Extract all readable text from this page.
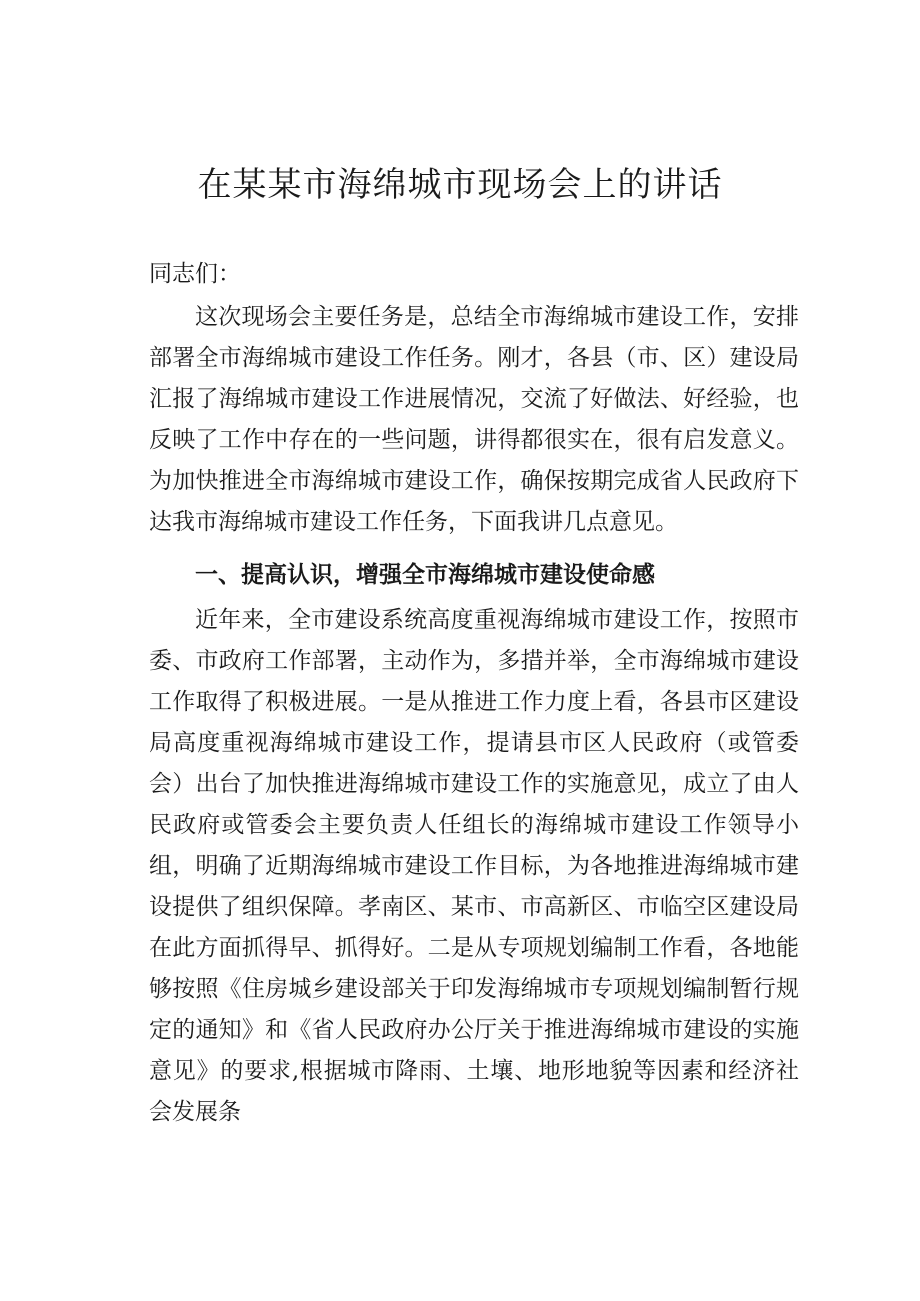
在某某市海绵城市现场会上的讲话
同志们：

这次现场会主要任务是，总结全市海绵城市建设工作，安排部署全市海绵城市建设工作任务。刚才，各县（市、区）建设局汇报了海绵城市建设工作进展情况，交流了好做法、好经验，也反映了工作中存在的一些问题，讲得都很实在，很有启发意义。为加快推进全市海绵城市建设工作，确保按期完成省人民政府下达我市海绵城市建设工作任务，下面我讲几点意见。

一、提高认识，增强全市海绵城市建设使命感

近年来，全市建设系统高度重视海绵城市建设工作，按照市委、市政府工作部署，主动作为，多措并举，全市海绵城市建设工作取得了积极进展。一是从推进工作力度上看，各县市区建设局高度重视海绵城市建设工作，提请县市区人民政府（或管委会）出台了加快推进海绵城市建设工作的实施意见，成立了由人民政府或管委会主要负责人任组长的海绵城市建设工作领导小组，明确了近期海绵城市建设工作目标，为各地推进海绵城市建设提供了组织保障。孝南区、某市、市高新区、市临空区建设局在此方面抓得早、抓得好。二是从专项规划编制工作看，各地能够按照《住房城乡建设部关于印发海绵城市专项规划编制暂行规定的通知》和《省人民政府办公厅关于推进海绵城市建设的实施意见》的要求,根据城市降雨、土壤、地形地貌等因素和经济社会发展条
